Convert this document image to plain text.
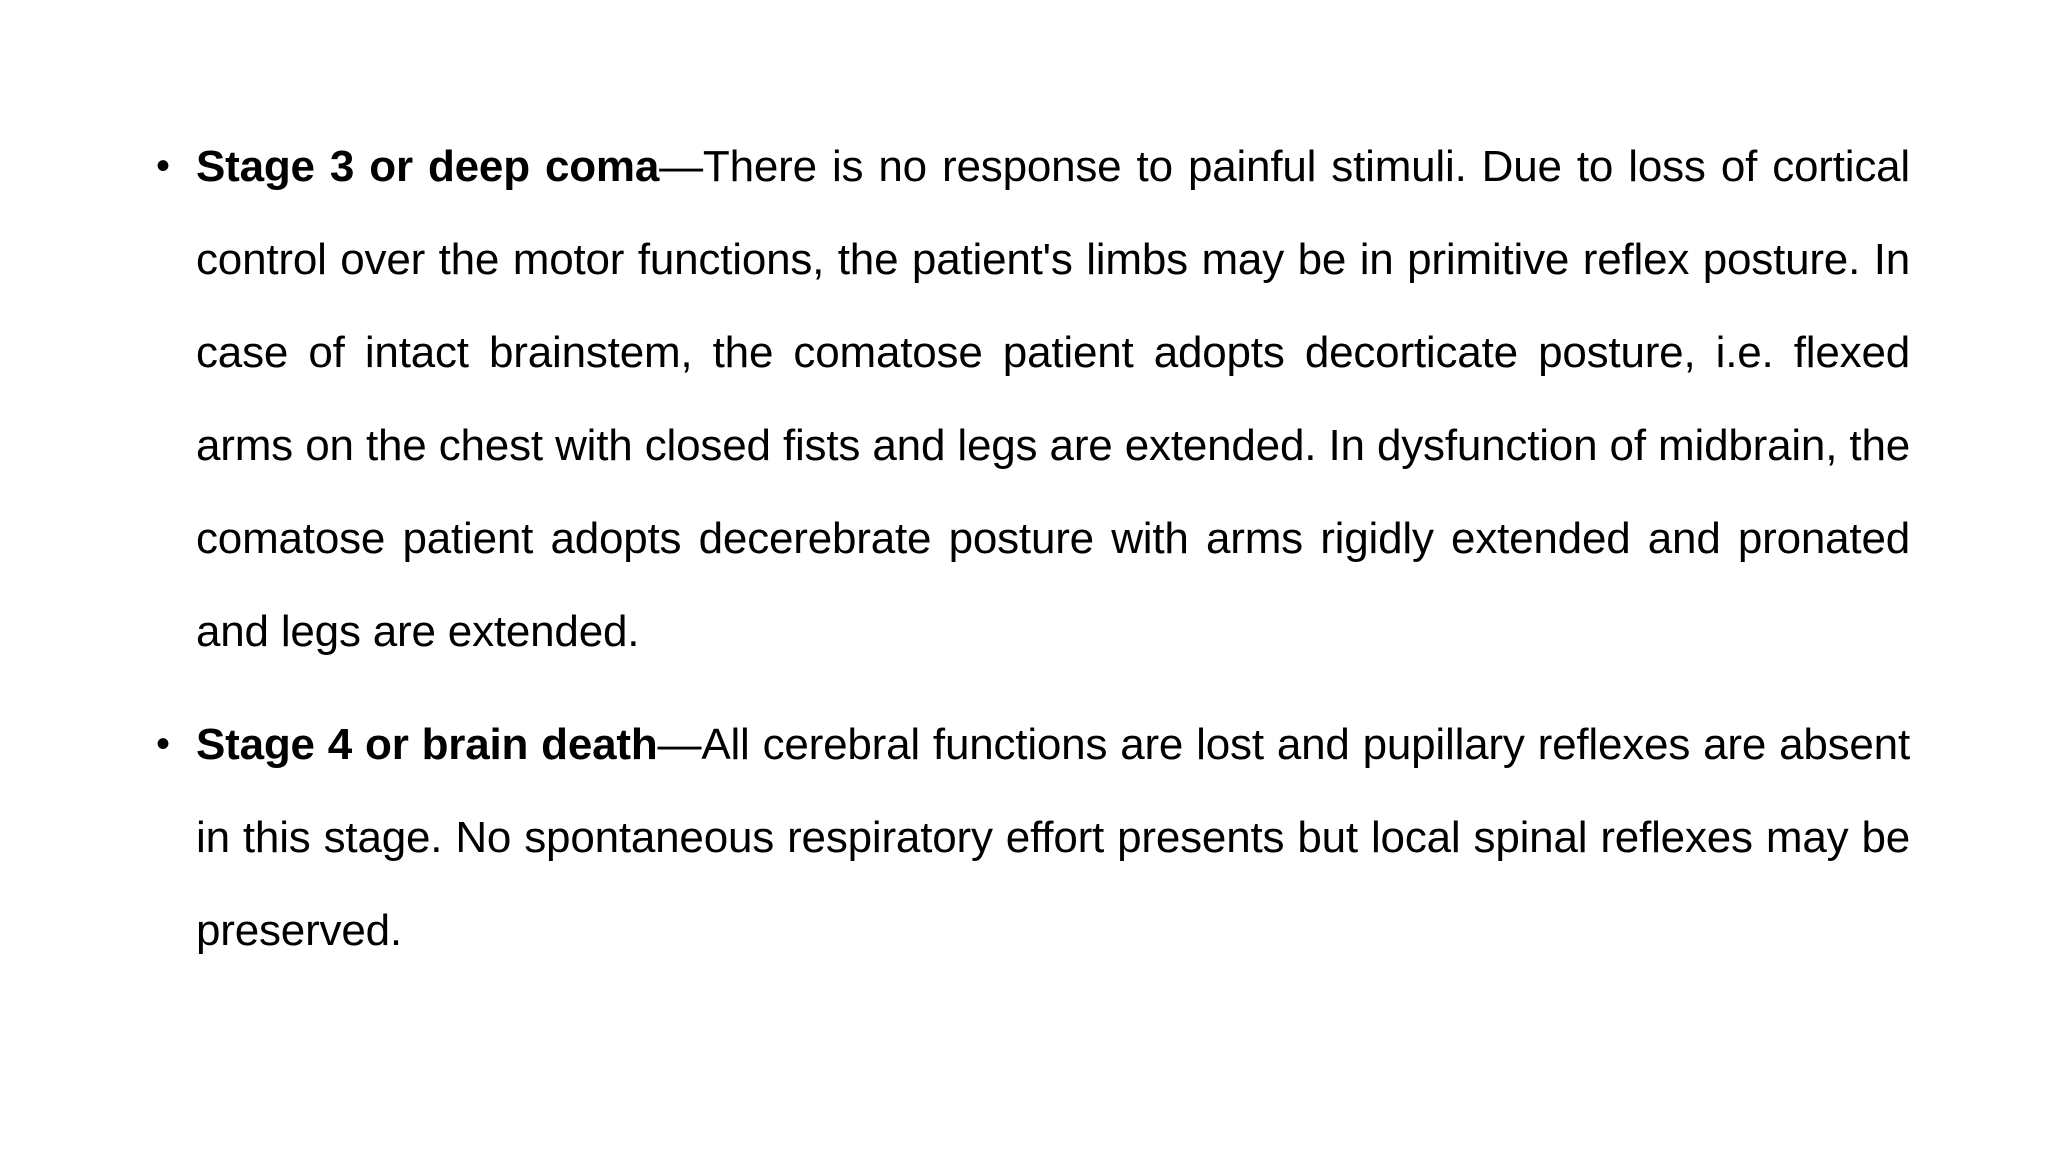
• Stage 3 or deep coma—There is no response to painful stimuli. Due to loss of cortical control over the motor functions, the patient's limbs may be in primitive reflex posture. In case of intact brainstem, the comatose patient adopts decorticate posture, i.e. flexed arms on the chest with closed fists and legs are extended. In dysfunction of midbrain, the comatose patient adopts decerebrate posture with arms rigidly extended and pronated and legs are extended.
• Stage 4 or brain death—All cerebral functions are lost and pupillary reflexes are absent in this stage. No spontaneous respiratory effort presents but local spinal reflexes may be preserved.
